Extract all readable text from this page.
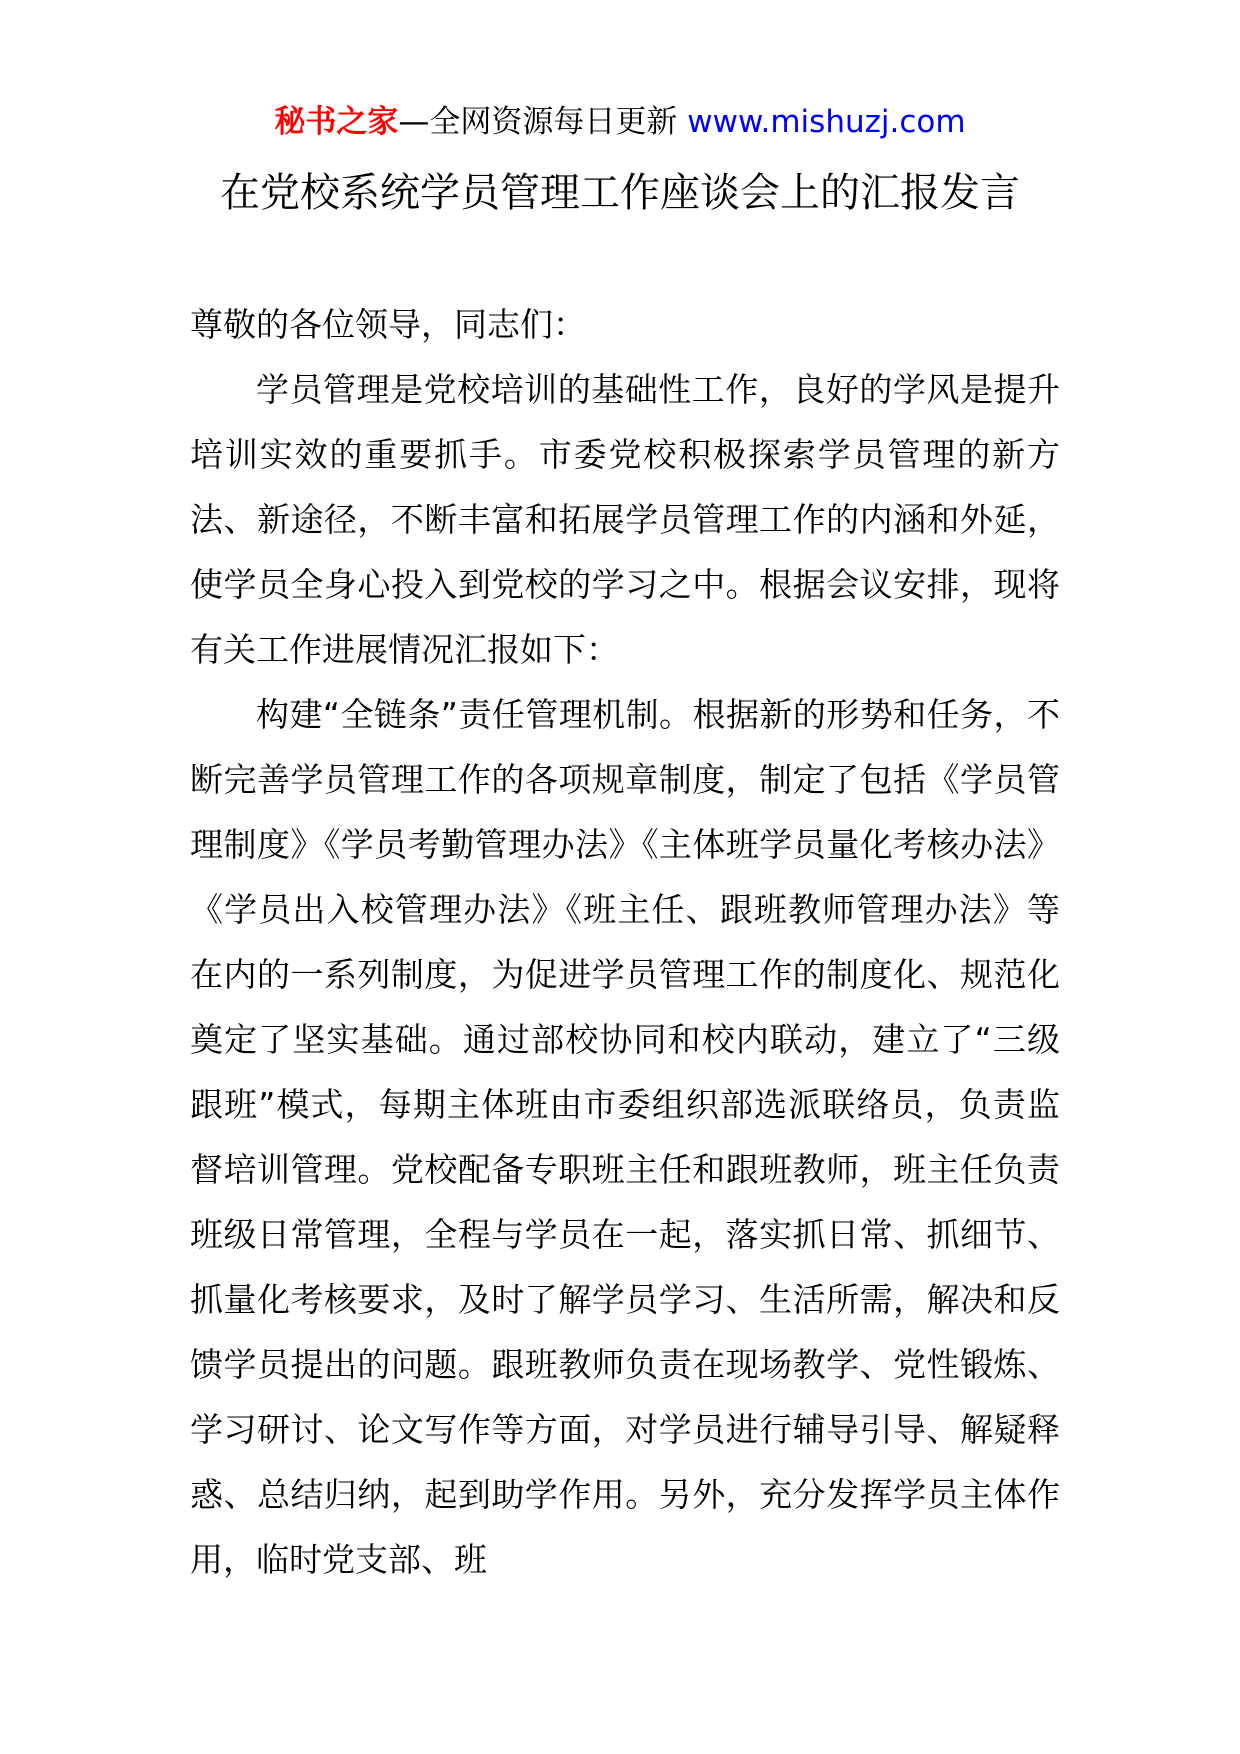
秘书之家—全网资源每日更新 www.mishuzj.com
在党校系统学员管理工作座谈会上的汇报发言

尊敬的各位领导，同志们：

学员管理是党校培训的基础性工作，良好的学风是提升培训实效的重要抓手。市委党校积极探索学员管理的新方法、新途径，不断丰富和拓展学员管理工作的内涵和外延，使学员全身心投入到党校的学习之中。根据会议安排，现将有关工作进展情况汇报如下：

构建“全链条”责任管理机制。根据新的形势和任务，不断完善学员管理工作的各项规章制度，制定了包括《学员管理制度》《学员考勤管理办法》《主体班学员量化考核办法》《学员出入校管理办法》《班主任、跟班教师管理办法》等在内的一系列制度，为促进学员管理工作的制度化、规范化奠定了坚实基础。通过部校协同和校内联动，建立了“三级跟班”模式，每期主体班由市委组织部选派联络员，负责监督培训管理。党校配备专职班主任和跟班教师，班主任负责班级日常管理，全程与学员在一起，落实抓日常、抓细节、抓量化考核要求，及时了解学员学习、生活所需，解决和反馈学员提出的问题。跟班教师负责在现场教学、党性锻炼、学习研讨、论文写作等方面，对学员进行辅导引导、解疑释惑、总结归纳，起到助学作用。另外，充分发挥学员主体作用，临时党支部、班
